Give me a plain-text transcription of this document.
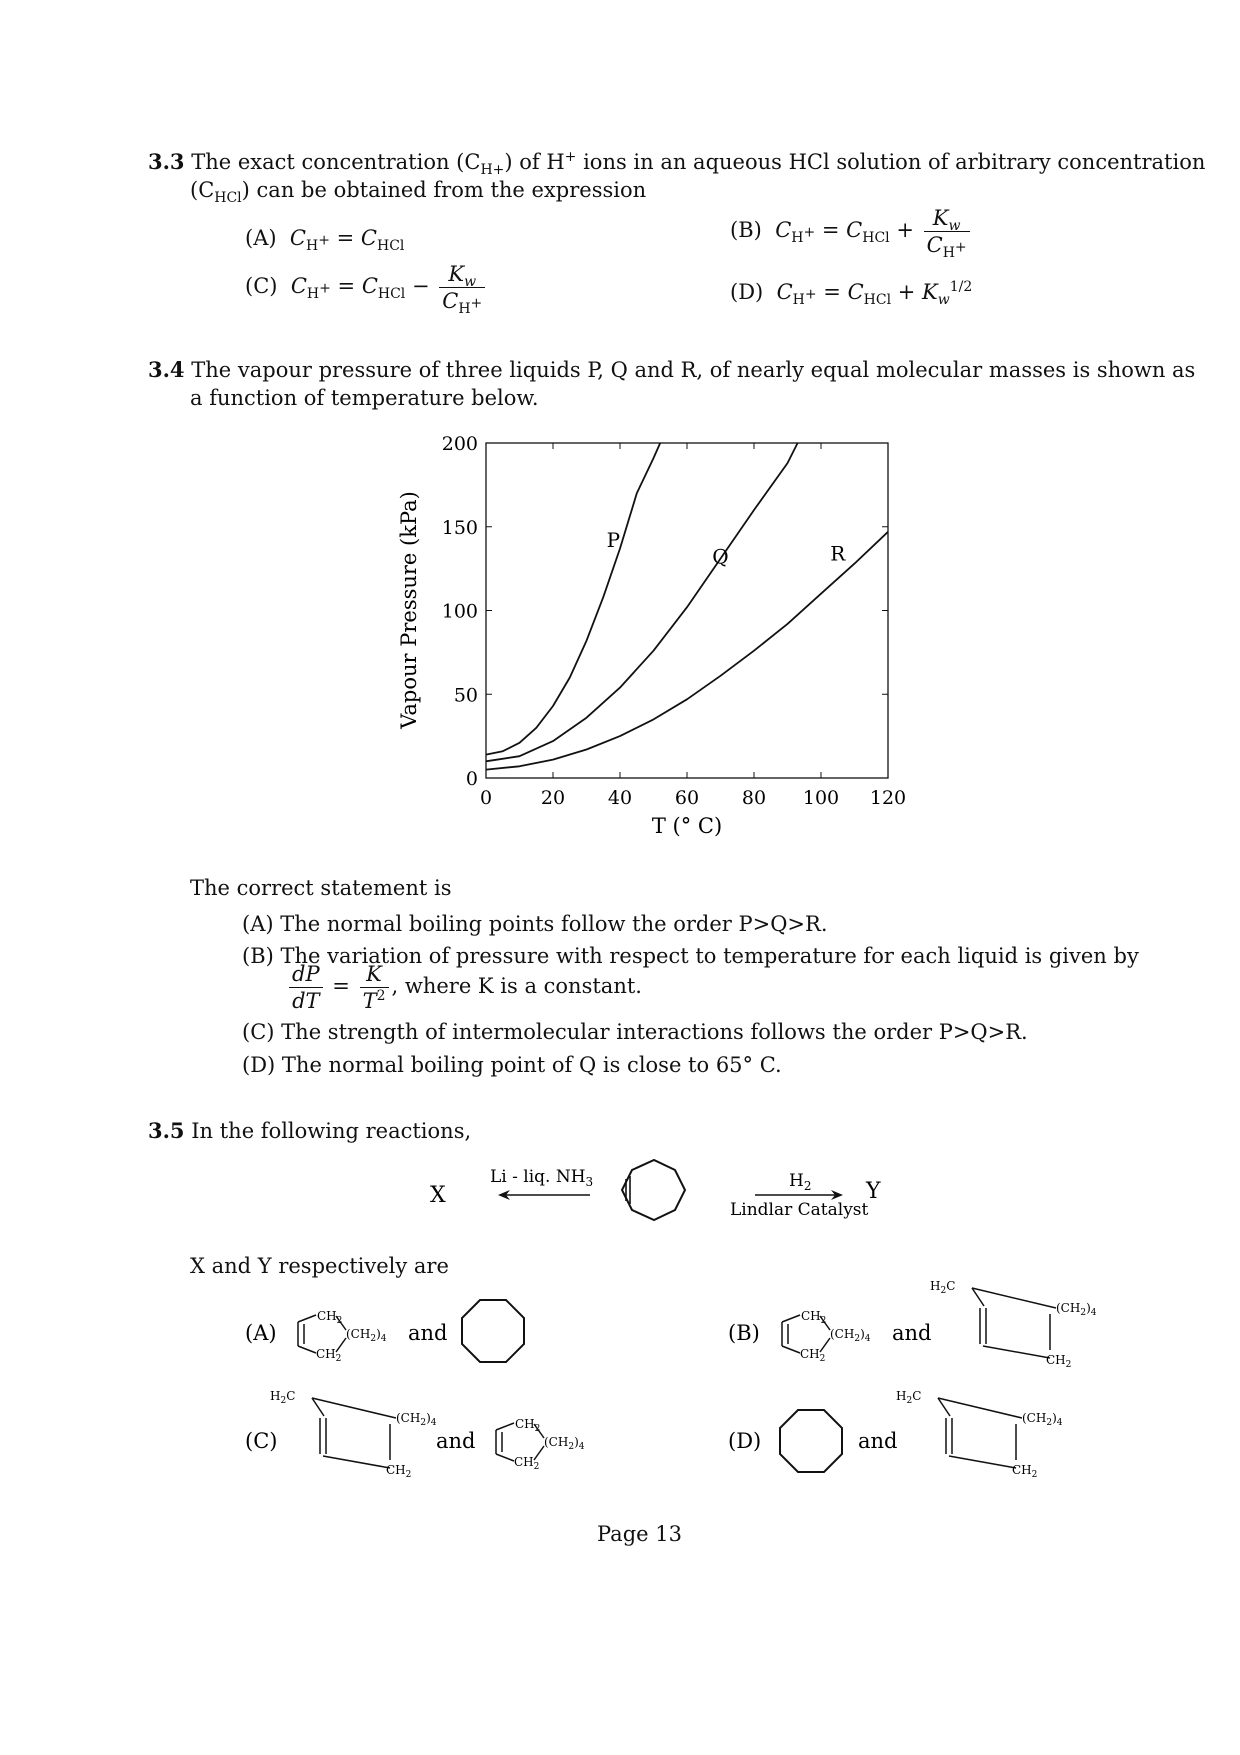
3.3 The exact concentration $(C_{H+})$ of H+ ions in an aqueous HCl solution of arbitrary concentration
$(C_{HCl})$ can be obtained from the expression
(A) $C_{H^+} = C_{HCl}$
(B) $C_{H^+} = C_{HCl} + \frac{K_w}{C_{H^+}}$
(C) $C_{H^+} = C_{HCl} - \frac{K_w}{C_{H^+}}$	(D) $C_{H^+} = C_{HCl} + K_w^{1/2}$
3.4 The vapour pressure of three liquids P, Q and R, of nearly equal molecular masses is shown as
a function of temperature below.
0	20 40 60 80 100 120
0
50
100
150
200
P
Q	R
T (° C)
Vapour Pressure (kPa)
The correct statement is
(A) The normal boiling points follow the order P>Q>R.
(B) The variation of pressure with respect to temperature for each liquid is given by
$\frac{dP}{dT} = \frac{K}{T^2}$ , where K is a constant.
(C) The strength of intermolecular interactions follows the order P>Q>R.
(D) The normal boiling point of Q is close to 65° C.
3.5 In the following reactions,
X
Li - liq. $NH_3$	$H_2$
Lindlar Catalyst
Y
X and Y respectively are
(A)
$CH_2$
$CH_2$
$(CH_2)_4$ and	(B)
$CH_2$
$CH_2$
$(CH_2)_4$ and
$H_2C$
$(CH_2)_4$
$CH_2$
(C)
$H_2C$
$(CH_2)_4$
$CH_2$
and
$CH_2$
$CH_2$
$(CH_2)_4$	(D)	and
$H_2C$
$(CH_2)_4$
$CH_2$
Page 13
